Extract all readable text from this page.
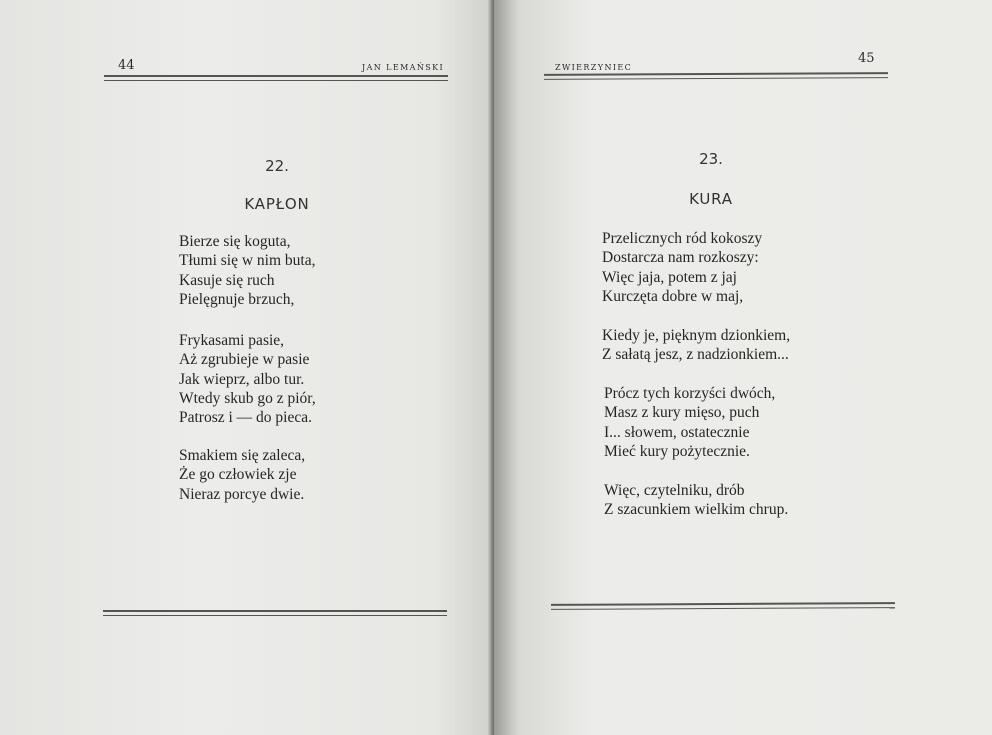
44	JAN LEMAŃSKI
22.
KAPŁON
Bierze się koguta,
Tłumi się w nim buta,
Kasuje się ruch
Pielęgnuje brzuch,
Frykasami pasie,
Aż zgrubieje w pasie
Jak wieprz, albo tur.
Wtedy skub go z piór,
Patrosz i — do pieca.
Smakiem się zaleca,
Że go człowiek zje
Nieraz porcye dwie.
ZWIERZYNIEC
45
23.
KURA
Przelicznych ród kokoszy
Dostarcza nam rozkoszy:
Więc jaja, potem z jaj
Kurczęta dobre w maj,
Kiedy je, pięknym dzionkiem,
Z sałatą jesz, z nadzionkiem...
Prócz tych korzyści dwóch,
Masz z kury mięso, puch
I... słowem, ostatecznie
Mieć kury pożytecznie.
Więc, czytelniku, drób
Z szacunkiem wielkim chrup.
